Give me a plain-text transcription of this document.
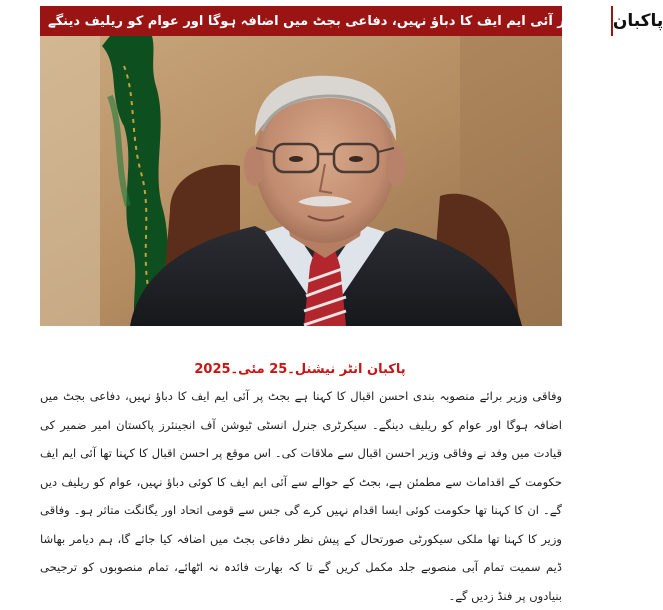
بجٹ پر آئی ایم ایف کا دباؤ نہیں، دفاعی بجٹ میں اضافہ ہوگا اور عوام کو ریلیف دینگے پاکبان
پاکبان انٹر نیشنل۔25 مئی۔2025
وفاقی وزیر برائے منصوبہ بندی احسن اقبال کا کہنا ہے بجٹ پر آئی ایم ایف کا دباؤ نہیں، دفاعی بجٹ میں اضافہ ہوگا اور عوام کو ریلیف دینگے۔ سیکرٹری جنرل انسٹی ٹیوشن آف انجینئرز پاکستان امیر ضمیر کی قیادت میں وفد نے وفاقی وزیر احسن اقبال سے ملاقات کی۔ اس موقع پر احسن اقبال کا کہنا تھا آئی ایم ایف حکومت کے اقدامات سے مطمئن ہے، بجٹ کے حوالے سے آئی ایم ایف کا کوئی دباؤ نہیں، عوام کو ریلیف دیں گے۔ ان کا کہنا تھا حکومت کوئی ایسا اقدام نہیں کرے گی جس سے قومی اتحاد اور یگانگت متاثر ہو۔ وفاقی وزیر کا کہنا تھا ملکی سیکورٹی صورتحال کے پیش نظر دفاعی بجٹ میں اضافہ کیا جائے گا، ہم دیامر بھاشا ڈیم سمیت تمام آبی منصوبے جلد مکمل کریں گے تا کہ بھارت فائدہ نہ اٹھائے، تمام منصوبوں کو ترجیحی بنیادوں پر فنڈ زدیں گے۔
